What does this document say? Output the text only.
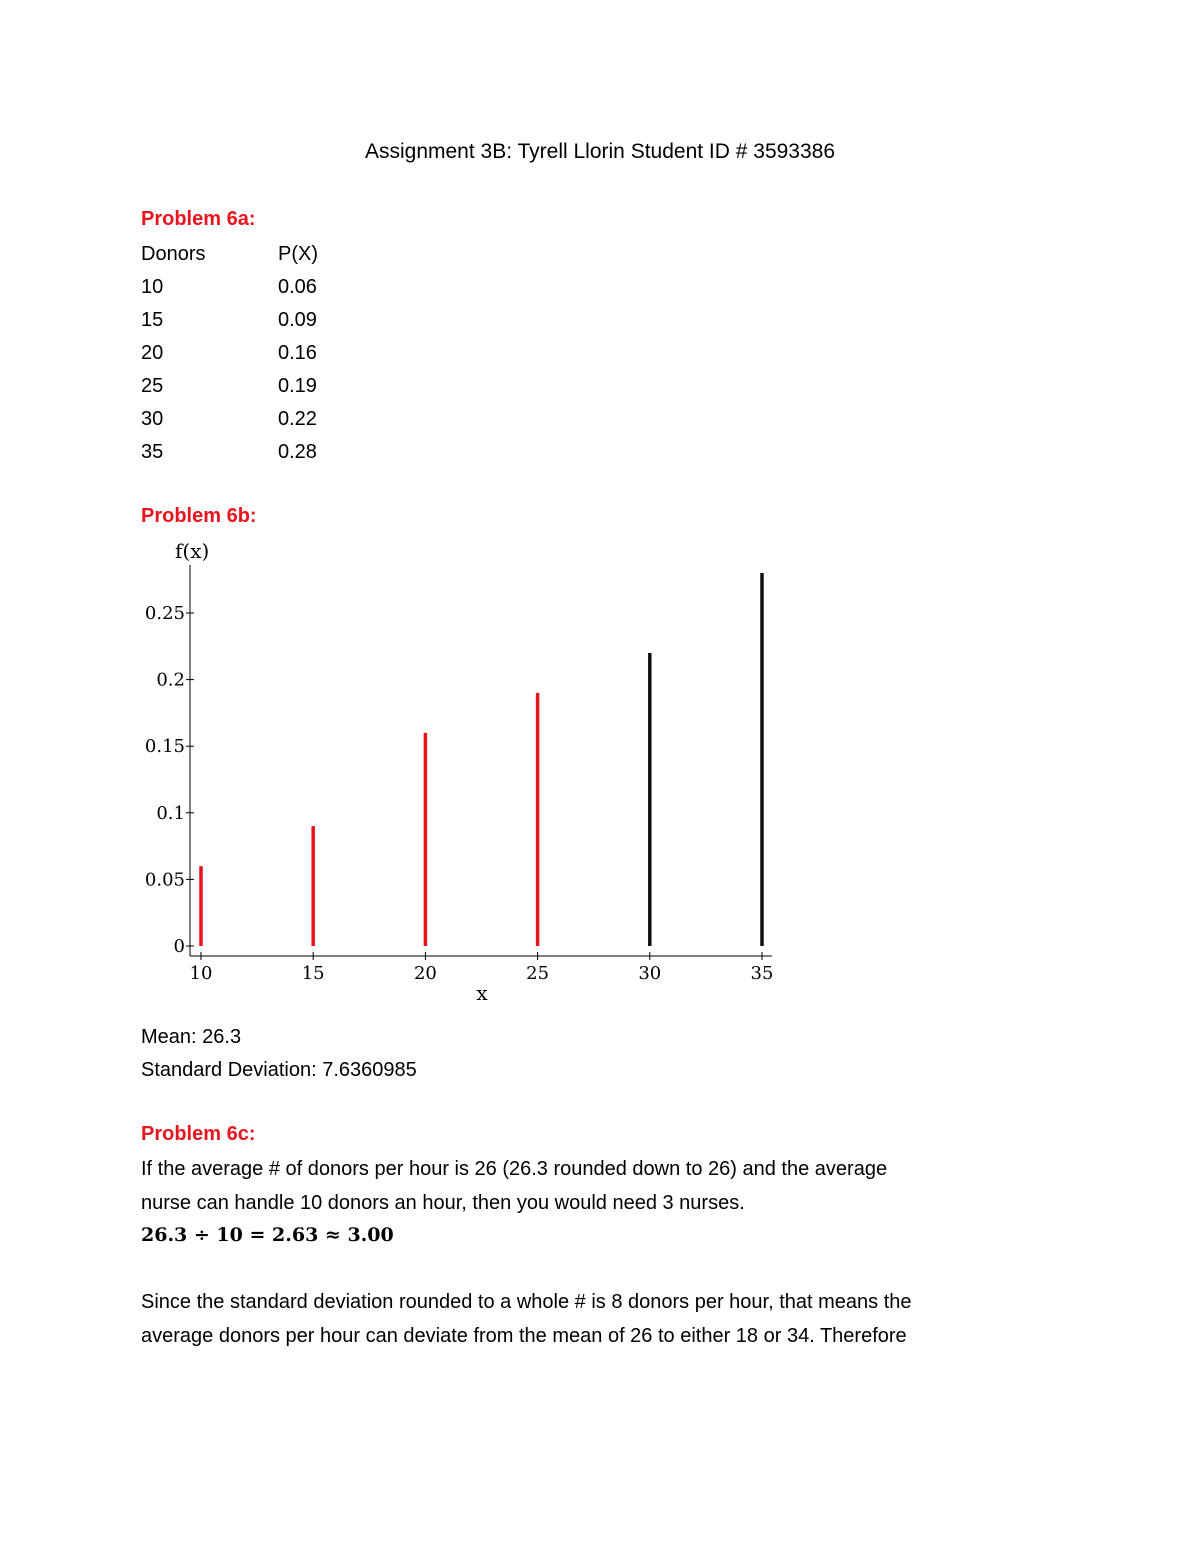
Assignment 3B: Tyrell Llorin Student ID # 3593386
Problem 6a:
Donors	P(X)
10	0.06
15	0.09
20	0.16
25	0.19
30	0.22
35	0.28
Problem 6b:
0
0.05
0.1
0.15
0.2
0.25
10	15	20	25	30	35
f(x)
x
Mean: 26.3
Standard Deviation: 7.6360985
Problem 6c:
If the average # of donors per hour is 26 (26.3 rounded down to 26) and the average
nurse can handle 10 donors an hour, then you would need 3 nurses.
26.3 ÷ 10 = 2.63 ≈ 3.00
Since the standard deviation rounded to a whole # is 8 donors per hour, that means the
average donors per hour can deviate from the mean of 26 to either 18 or 34. Therefore
